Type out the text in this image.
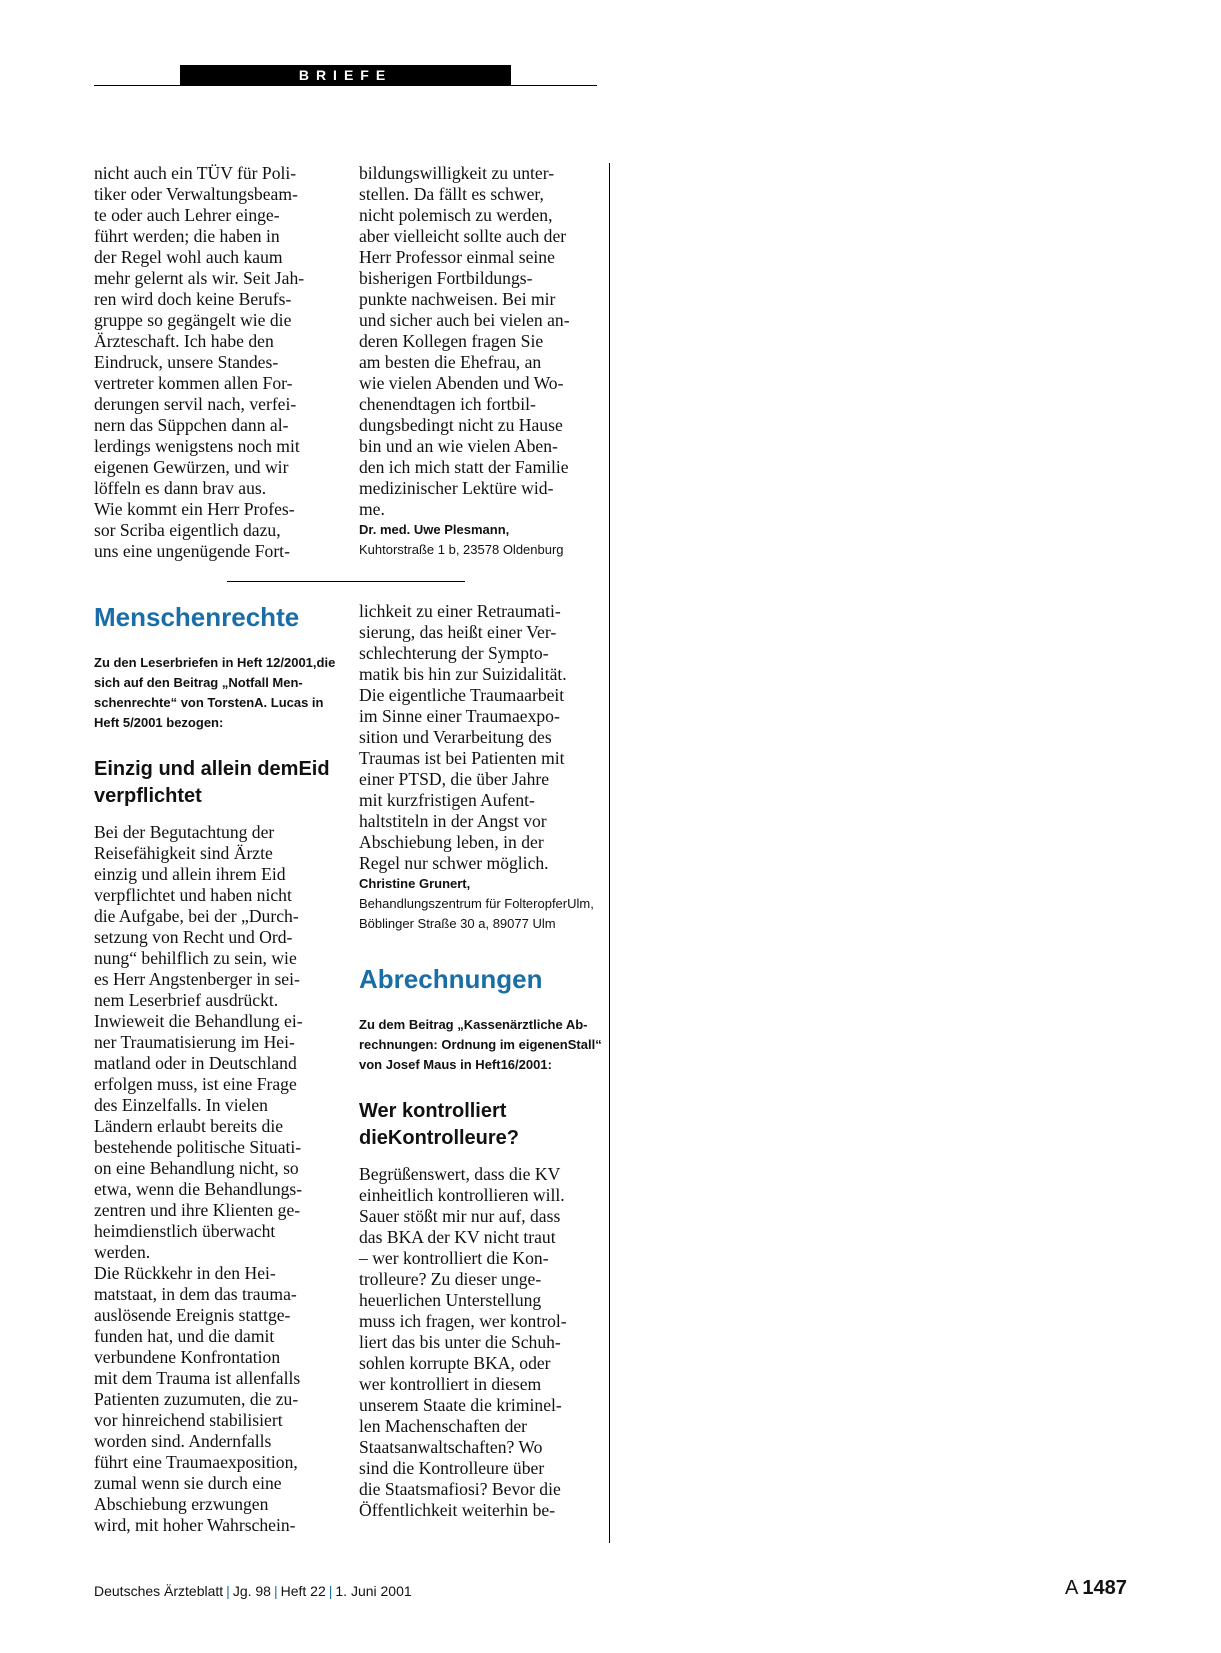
BRIEFE
nicht auch ein TÜV für Poli-
tiker oder Verwaltungsbeam-
te oder auch Lehrer einge-
führt werden; die haben in
der Regel wohl auch kaum
mehr gelernt als wir. Seit Jah-
ren wird doch keine Berufs-
gruppe so gegängelt wie die
Ärzteschaft. Ich habe den
Eindruck, unsere Standes-
vertreter kommen allen For-
derungen servil nach, verfei-
nern das Süppchen dann al-
lerdings wenigstens noch mit
eigenen Gewürzen, und wir
löffeln es dann brav aus.
Wie kommt ein Herr Profes-
sor Scriba eigentlich dazu,
uns eine ungenügende Fort-
bildungswilligkeit zu unter-
stellen. Da fällt es schwer,
nicht polemisch zu werden,
aber vielleicht sollte auch der
Herr Professor einmal seine
bisherigen Fortbildungs-
punkte nachweisen. Bei mir
und sicher auch bei vielen an-
deren Kollegen fragen Sie
am besten die Ehefrau, an
wie vielen Abenden und Wo-
chenendtagen ich fortbil-
dungsbedingt nicht zu Hause
bin und an wie vielen Aben-
den ich mich statt der Familie
medizinischer Lektüre wid-
me.
Dr. med. Uwe Plesmann,
Kuhtorstraße 1 b, 23578 Oldenburg
Menschenrechte
Zu den Leserbriefen in Heft 12/2001,die sich auf den Beitrag „Notfall Men-schenrechte“ von TorstenA. Lucas in Heft 5/2001 bezogen:
Einzig und allein demEid verpflichtet
Bei der Begutachtung der
Reisefähigkeit sind Ärzte
einzig und allein ihrem Eid
verpflichtet und haben nicht
die Aufgabe, bei der „Durch-
setzung von Recht und Ord-
nung“ behilflich zu sein, wie
es Herr Angstenberger in sei-
nem Leserbrief ausdrückt.
Inwieweit die Behandlung ei-
ner Traumatisierung im Hei-
matland oder in Deutschland
erfolgen muss, ist eine Frage
des Einzelfalls. In vielen
Ländern erlaubt bereits die
bestehende politische Situati-
on eine Behandlung nicht, so
etwa, wenn die Behandlungs-
zentren und ihre Klienten ge-
heimdienstlich überwacht
werden.
Die Rückkehr in den Hei-
matstaat, in dem das trauma-
auslösende Ereignis stattge-
funden hat, und die damit
verbundene Konfrontation
mit dem Trauma ist allenfalls
Patienten zuzumuten, die zu-
vor hinreichend stabilisiert
worden sind. Andernfalls
führt eine Traumaexposition,
zumal wenn sie durch eine
Abschiebung erzwungen
wird, mit hoher Wahrschein-
lichkeit zu einer Retraumati-
sierung, das heißt einer Ver-
schlechterung der Sympto-
matik bis hin zur Suizidalität.
Die eigentliche Traumaarbeit
im Sinne einer Traumaexpo-
sition und Verarbeitung des
Traumas ist bei Patienten mit
einer PTSD, die über Jahre
mit kurzfristigen Aufent-
haltstiteln in der Angst vor
Abschiebung leben, in der
Regel nur schwer möglich.
Christine Grunert,
Behandlungszentrum für FolteropferUlm, Böblinger Straße 30 a, 89077 Ulm
Abrechnungen
Zu dem Beitrag „Kassenärztliche Ab-rechnungen: Ordnung im eigenenStall“ von Josef Maus in Heft16/2001:
Wer kontrolliert dieKontrolleure?
Begrüßenswert, dass die KV
einheitlich kontrollieren will.
Sauer stößt mir nur auf, dass
das BKA der KV nicht traut
– wer kontrolliert die Kon-
trolleure? Zu dieser unge-
heuerlichen Unterstellung
muss ich fragen, wer kontrol-
liert das bis unter die Schuh-
sohlen korrupte BKA, oder
wer kontrolliert in diesem
unserem Staate die kriminel-
len Machenschaften der
Staatsanwaltschaften? Wo
sind die Kontrolleure über
die Staatsmafiosi? Bevor die
Öffentlichkeit weiterhin be-
Deutsches Ärzteblatt | Jg. 98 | Heft 22 | 1. Juni 2001	A 1487
